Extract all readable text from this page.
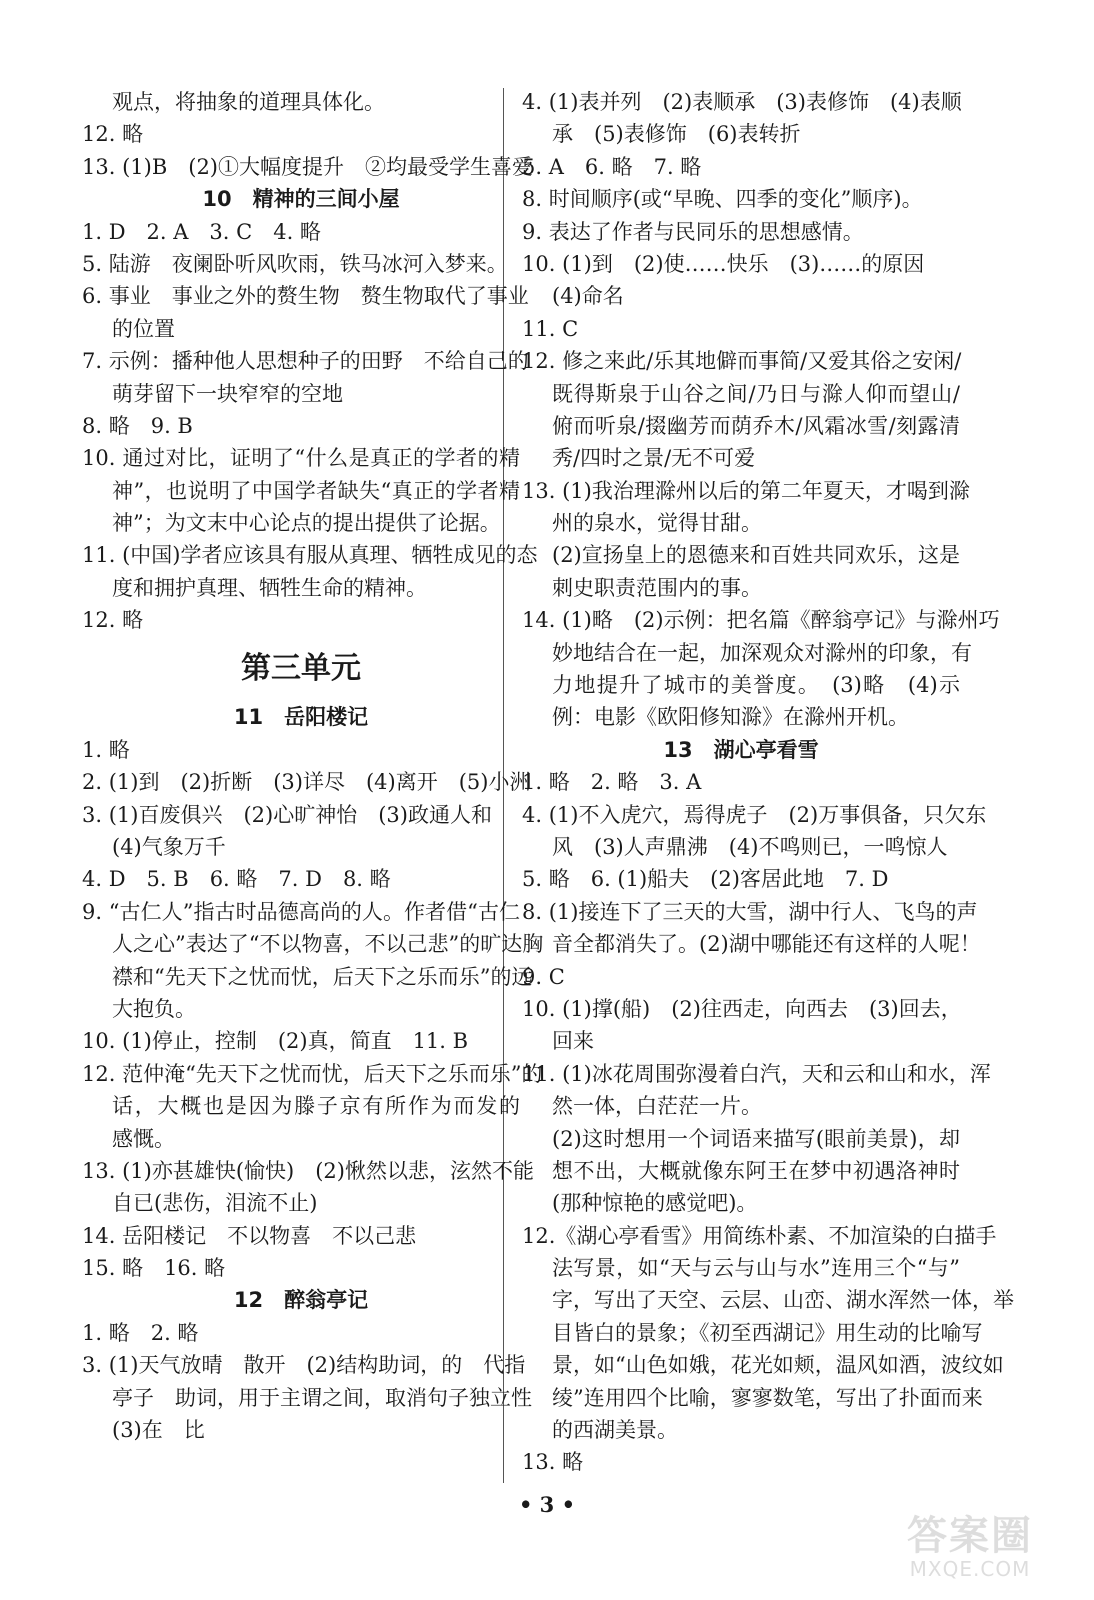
观点，将抽象的道理具体化。
12. 略
13. (1)B　(2)①大幅度提升　②均最受学生喜爱
10　精神的三间小屋
1. D　2. A　3. C　4. 略
5. 陆游　夜阑卧听风吹雨，铁马冰河入梦来。
6. 事业　事业之外的赘生物　赘生物取代了事业
的位置
7. 示例：播种他人思想种子的田野　不给自己的
萌芽留下一块窄窄的空地
8. 略　9. B
10. 通过对比，证明了“什么是真正的学者的精
神”，也说明了中国学者缺失“真正的学者精
神”；为文末中心论点的提出提供了论据。
11. (中国)学者应该具有服从真理、牺牲成见的态
度和拥护真理、牺牲生命的精神。
12. 略
第三单元
11　岳阳楼记
1. 略
2. (1)到　(2)折断　(3)详尽　(4)离开　(5)小洲
3. (1)百废俱兴　(2)心旷神怡　(3)政通人和
(4)气象万千
4. D　5. B　6. 略　7. D　8. 略
9. “古仁人”指古时品德高尚的人。作者借“古仁
人之心”表达了“不以物喜，不以己悲”的旷达胸
襟和“先天下之忧而忧，后天下之乐而乐”的远
大抱负。
10. (1)停止，控制　(2)真，简直　11. B
12. 范仲淹“先天下之忧而忧，后天下之乐而乐”的
话，大概也是因为滕子京有所作为而发的
感慨。
13. (1)亦甚雄快(愉快)　(2)愀然以悲，泫然不能
自已(悲伤，泪流不止)
14. 岳阳楼记　不以物喜　不以己悲
15. 略　16. 略
12　醉翁亭记
1. 略　2. 略
3. (1)天气放晴　散开　(2)结构助词，的　代指
亭子　助词，用于主谓之间，取消句子独立性
(3)在　比
4. (1)表并列　(2)表顺承　(3)表修饰　(4)表顺
承　(5)表修饰　(6)表转折
5. A　6. 略　7. 略
8. 时间顺序(或“早晚、四季的变化”顺序)。
9. 表达了作者与民同乐的思想感情。
10. (1)到　(2)使……快乐　(3)……的原因
(4)命名
11. C
12. 修之来此/乐其地僻而事简/又爱其俗之安闲/
既得斯泉于山谷之间/乃日与滁人仰而望山/
俯而听泉/掇幽芳而荫乔木/风霜冰雪/刻露清
秀/四时之景/无不可爱
13. (1)我治理滁州以后的第二年夏天，才喝到滁
州的泉水，觉得甘甜。
(2)宣扬皇上的恩德来和百姓共同欢乐，这是
刺史职责范围内的事。
14. (1)略　(2)示例：把名篇《醉翁亭记》与滁州巧
妙地结合在一起，加深观众对滁州的印象，有
力地提升了城市的美誉度。　(3)略　(4)示
例：电影《欧阳修知滁》在滁州开机。
13　湖心亭看雪
1. 略　2. 略　3. A
4. (1)不入虎穴，焉得虎子　(2)万事俱备，只欠东
风　(3)人声鼎沸　(4)不鸣则已，一鸣惊人
5. 略　6. (1)船夫　(2)客居此地　7. D
8. (1)接连下了三天的大雪，湖中行人、飞鸟的声
音全都消失了。(2)湖中哪能还有这样的人呢！
9. C
10. (1)撑(船)　(2)往西走，向西去　(3)回去，
回来
11. (1)冰花周围弥漫着白汽，天和云和山和水，浑
然一体，白茫茫一片。
(2)这时想用一个词语来描写(眼前美景)，却
想不出，大概就像东阿王在梦中初遇洛神时
(那种惊艳的感觉吧)。
12.《湖心亭看雪》用简练朴素、不加渲染的白描手
法写景，如“天与云与山与水”连用三个“与”
字，写出了天空、云层、山峦、湖水浑然一体，举
目皆白的景象；《初至西湖记》用生动的比喻写
景，如“山色如娥，花光如颊，温风如酒，波纹如
绫”连用四个比喻，寥寥数笔，写出了扑面而来
的西湖美景。
13. 略
• 3 •
答案圈
MXQE.COM
